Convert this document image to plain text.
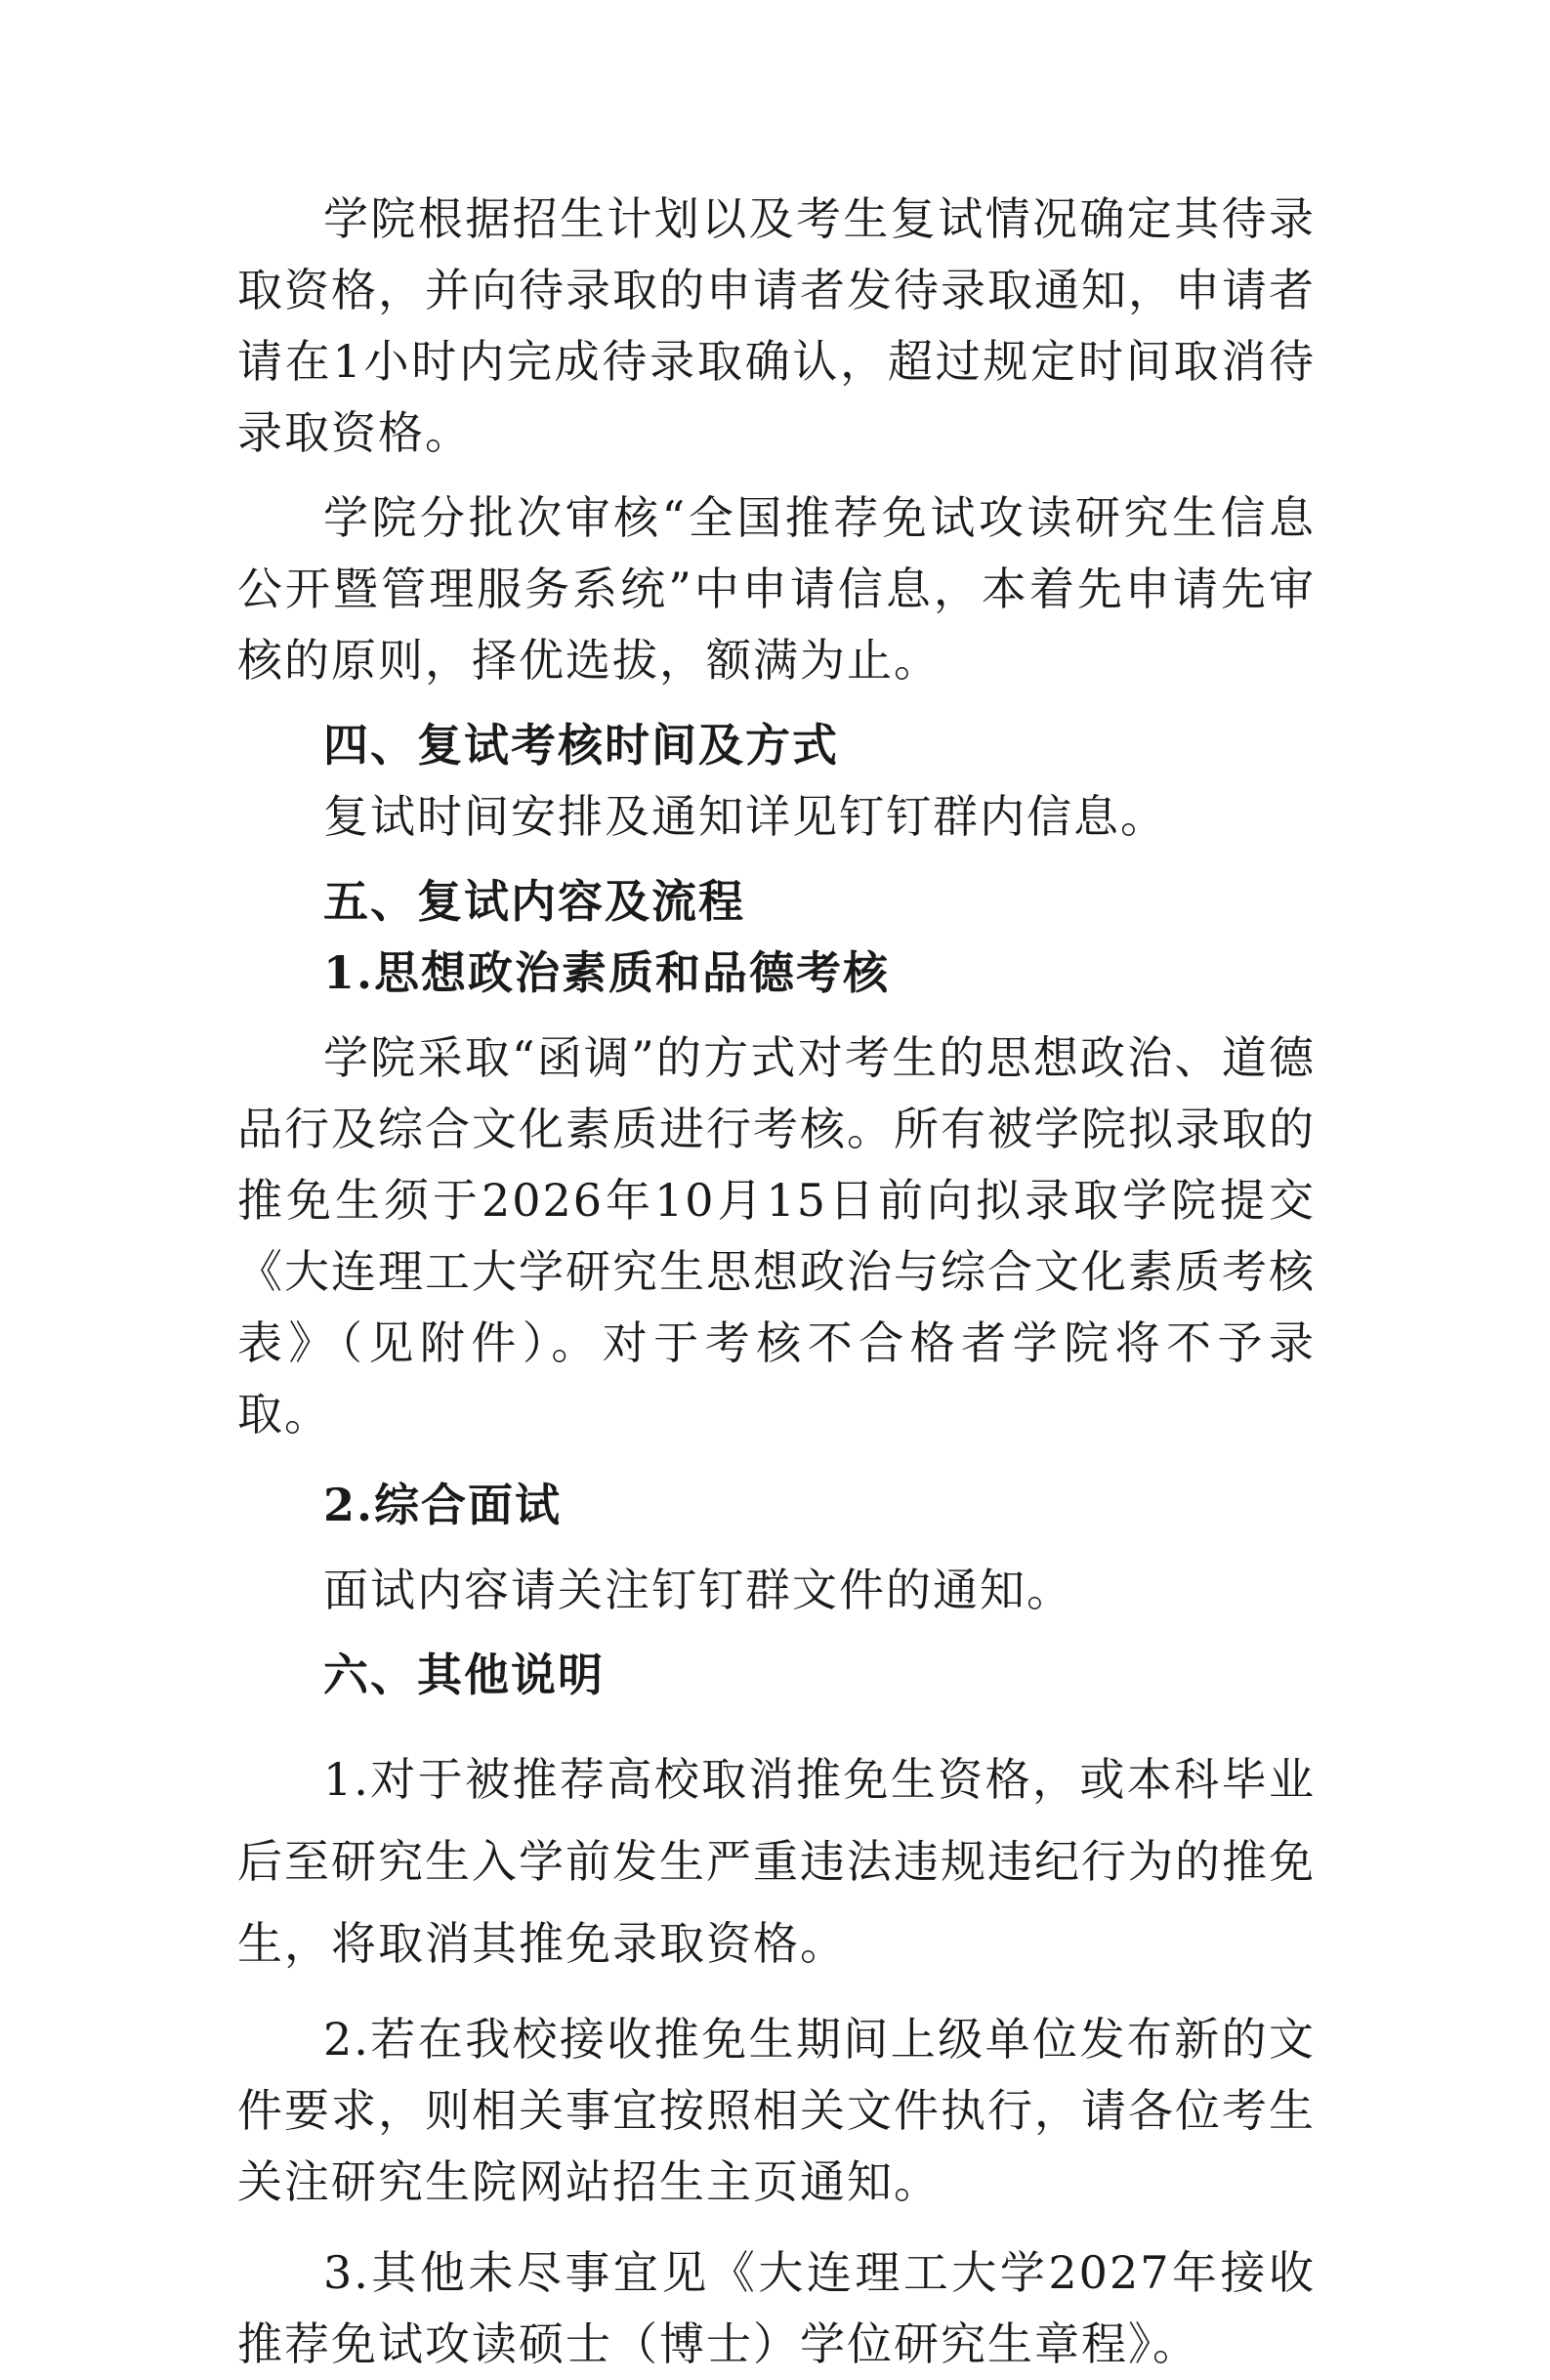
学院根据招生计划以及考生复试情况确定其待录取资格，并向待录取的申请者发待录取通知，申请者请在1小时内完成待录取确认，超过规定时间取消待录取资格。

学院分批次审核“全国推荐免试攻读研究生信息公开暨管理服务系统”中申请信息，本着先申请先审核的原则，择优选拔，额满为止。

四、复试考核时间及方式

复试时间安排及通知详见钉钉群内信息。

五、复试内容及流程

1.思想政治素质和品德考核

学院采取“函调”的方式对考生的思想政治、道德品行及综合文化素质进行考核。所有被学院拟录取的推免生须于2026年10月15日前向拟录取学院提交《大连理工大学研究生思想政治与综合文化素质考核表》（见附件）。对于考核不合格者学院将不予录取。

2.综合面试

面试内容请关注钉钉群文件的通知。

六、其他说明

1.对于被推荐高校取消推免生资格，或本科毕业后至研究生入学前发生严重违法违规违纪行为的推免生，将取消其推免录取资格。

2.若在我校接收推免生期间上级单位发布新的文件要求，则相关事宜按照相关文件执行，请各位考生关注研究生院网站招生主页通知。

3.其他未尽事宜见《大连理工大学2027年接收推荐免试攻读硕士（博士）学位研究生章程》。
